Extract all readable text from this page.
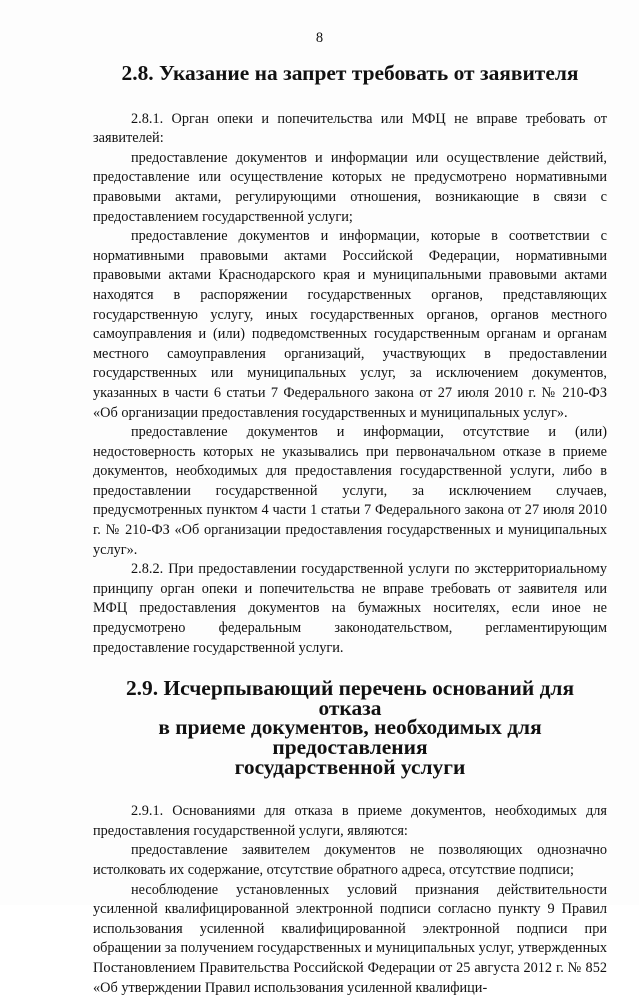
8
2.8. Указание на запрет требовать от заявителя

2.8.1. Орган опеки и попечительства или МФЦ не вправе требовать от заявителей:

предоставление документов и информации или осуществление действий, предоставление или осуществление которых не предусмотрено нормативными правовыми актами, регулирующими отношения, возникающие в связи с предоставлением государственной услуги;

предоставление документов и информации, которые в соответствии с нормативными правовыми актами Российской Федерации, нормативными правовыми актами Краснодарского края и муниципальными правовыми актами находятся в распоряжении государственных органов, представляющих государственную услугу, иных государственных органов, органов местного самоуправления и (или) подведомственных государственным органам и органам местного самоуправления организаций, участвующих в предоставлении государственных или муниципальных услуг, за исключением документов, указанных в части 6 статьи 7 Федерального закона от 27 июля 2010 г. № 210-ФЗ «Об организации предоставления государственных и муниципальных услуг».

предоставление документов и информации, отсутствие и (или) недостоверность которых не указывались при первоначальном отказе в приеме документов, необходимых для предоставления государственной услуги, либо в предоставлении государственной услуги, за исключением случаев, предусмотренных пунктом 4 части 1 статьи 7 Федерального закона от 27 июля 2010 г. № 210-ФЗ «Об организации предоставления государственных и муниципальных услуг».

2.8.2. При предоставлении государственной услуги по экстерриториальному принципу орган опеки и попечительства не вправе требовать от заявителя или МФЦ предоставления документов на бумажных носителях, если иное не предусмотрено федеральным законодательством, регламентирующим предоставление государственной услуги.

2.9. Исчерпывающий перечень оснований для отказа
в приеме документов, необходимых для предоставления
государственной услуги

2.9.1. Основаниями для отказа в приеме документов, необходимых для предоставления государственной услуги, являются:

предоставление заявителем документов не позволяющих однозначно истолковать их содержание, отсутствие обратного адреса, отсутствие подписи;

несоблюдение установленных условий признания действительности усиленной квалифицированной электронной подписи согласно пункту 9 Правил использования усиленной квалифицированной электронной подписи при обращении за получением государственных и муниципальных услуг, утвержденных Постановлением Правительства Российской Федерации от 25 августа 2012 г. № 852 «Об утверждении Правил использования усиленной квалифици-
